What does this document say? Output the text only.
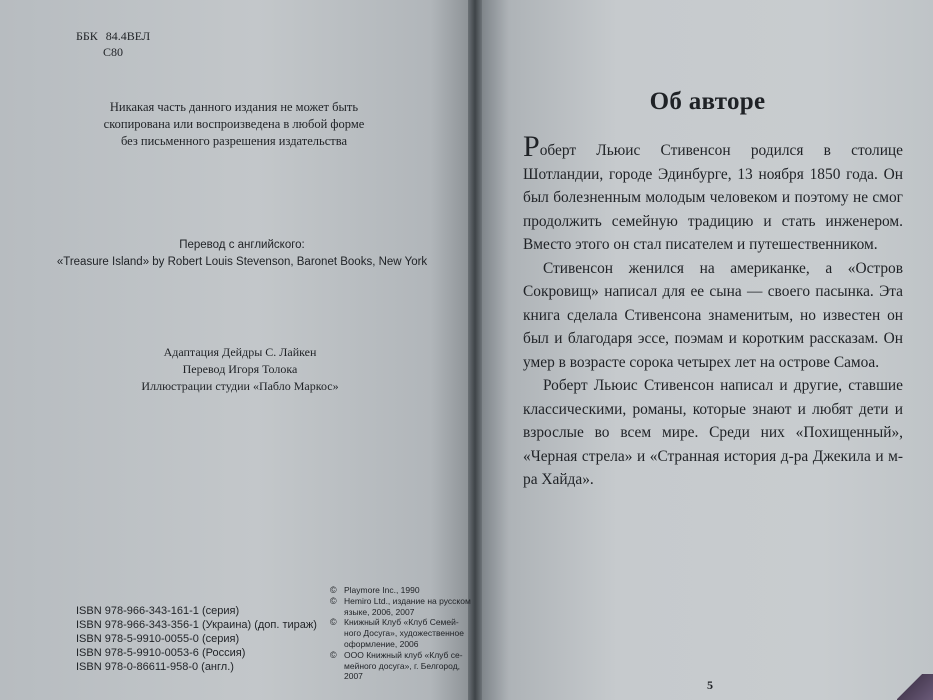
ББК 84.4ВЕЛ
С80
Никакая часть данного издания не может быть
скопирована или воспроизведена в любой форме
без письменного разрешения издательства
Перевод с английского:
«Treasure Island» by Robert Louis Stevenson, Baronet Books, New York
Адаптация Дейдры С. Лайкен
Перевод Игоря Толока
Иллюстрации студии «Пабло Маркос»
ISBN 978-966-343-161-1 (серия)
ISBN 978-966-343-356-1 (Украина) (доп. тираж)
ISBN 978-5-9910-0055-0 (серия)
ISBN 978-5-9910-0053-6 (Россия)
ISBN 978-0-86611-958-0 (англ.)
© Playmore Inc., 1990
© Hemiro Ltd., издание на русском
языке, 2006, 2007
© Книжный Клуб «Клуб Семей-
ного Досуга», художественное
оформление, 2006
© ООО Книжный клуб «Клуб се-
мейного досуга», г. Белгород,
2007
Об авторе

Роберт Льюис Стивенсон родился в столице Шотландии, городе Эдинбурге, 13 ноября 1850 года. Он был болезненным молодым человеком и поэтому не смог продолжить семейную традицию и стать инженером. Вместо этого он стал писателем и путешественником.

Стивенсон женился на американке, а «Остров Сокровищ» написал для ее сына — своего пасынка. Эта книга сделала Стивенсона знаменитым, но известен он был и благодаря эссе, поэмам и коротким рассказам. Он умер в возрасте сорока четырех лет на острове Самоа.

Роберт Льюис Стивенсон написал и другие, ставшие классическими, романы, которые знают и любят дети и взрослые во всем мире. Среди них «Похищенный», «Черная стрела» и «Странная история д-ра Джекила и м-ра Хайда».

5
